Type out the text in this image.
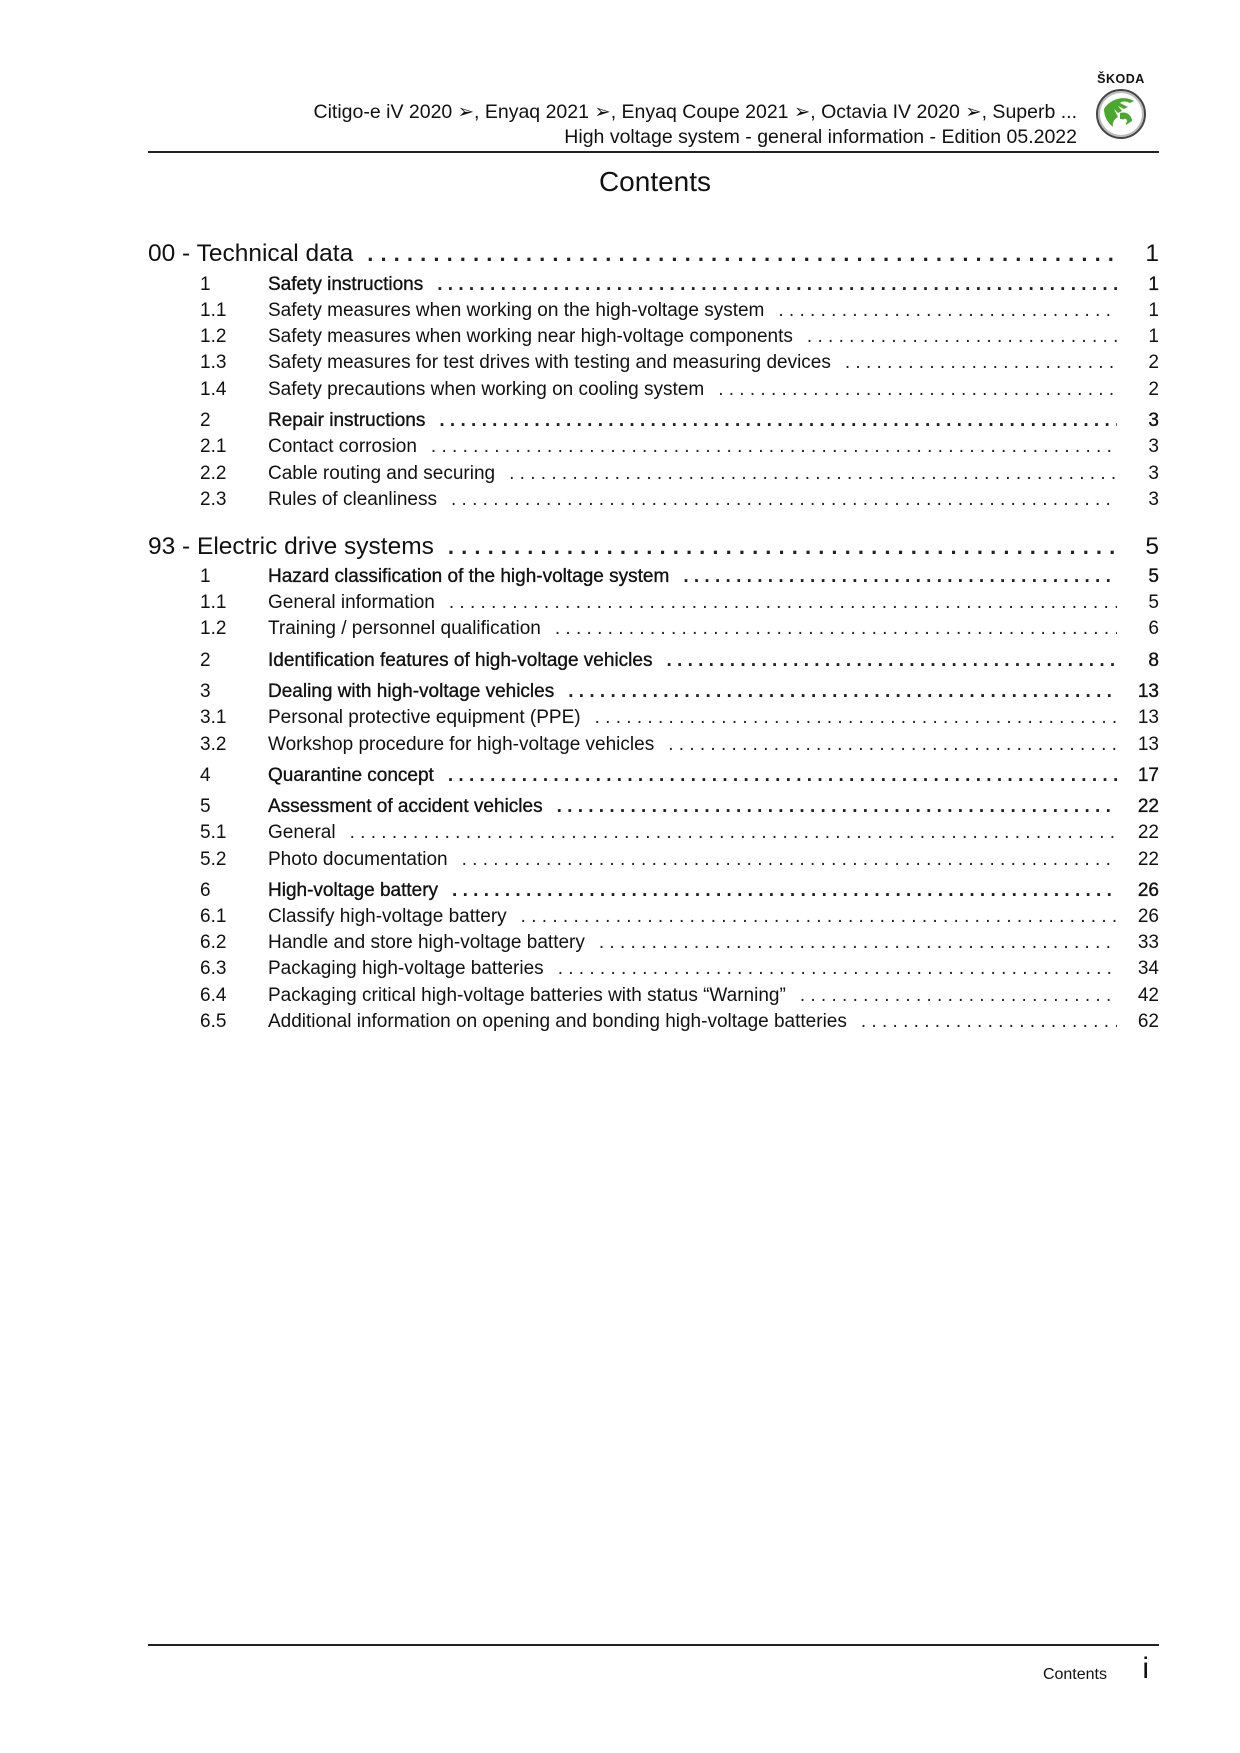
Citigo-e iV 2020 ➢, Enyaq 2021 ➢, Enyaq Coupe 2021 ➢, Octavia IV 2020 ➢, Superb ...
High voltage system - general information - Edition 05.2022
ŠKODA
Contents
00 - Technical data . . .	1
1	Safety instructions . . .	1
1.1	Safety measures when working on the high-voltage system . . .	1
1.2	Safety measures when working near high-voltage components . . .	1
1.3	Safety measures for test drives with testing and measuring devices . . .	2
1.4	Safety precautions when working on cooling system . . .	2
2	Repair instructions . . .	3
2.1	Contact corrosion . . .	3
2.2	Cable routing and securing . . .	3
2.3	Rules of cleanliness . . .	3
93 - Electric drive systems . . .	5
1	Hazard classification of the high-voltage system . . .	5
1.1	General information . . .	5
1.2	Training / personnel qualification . . .	6
2	Identification features of high-voltage vehicles . . .	8
3	Dealing with high-voltage vehicles . . .	13
3.1	Personal protective equipment (PPE) . . .	13
3.2	Workshop procedure for high-voltage vehicles . . .	13
4	Quarantine concept . . .	17
5	Assessment of accident vehicles . . .	22
5.1	General . . .	22
5.2	Photo documentation . . .	22
6	High-voltage battery . . .	26
6.1	Classify high-voltage battery . . .	26
6.2	Handle and store high-voltage battery . . .	33
6.3	Packaging high-voltage batteries . . .	34
6.4	Packaging critical high-voltage batteries with status “Warning” . . .	42
6.5	Additional information on opening and bonding high-voltage batteries . . .	62
Contents i
